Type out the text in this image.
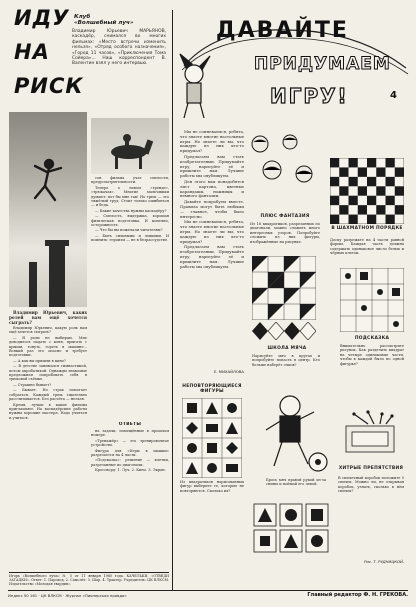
ИДУ
НА
РИСК
Клуб
«Волшебный луч»
Владимир Юрьевич МАРЬЯНОВ, каскадёр, снимался во многих фильмах: «Место встречи изменить нельзя», «Отряд особого назначения», «Город 11 часов», «Приключения Тома Сойера»... Наш корреспондент В. Валентин взял у него интервью.

Владимир Юрьевич, каких ролей вам ещё хочется сыграть?

Владимир Юрьевич, какую роль вам ещё хочется сыграть?

— Я роли не выбираю. Мне доводилось падать с коня, прыгать с крыши, тонуть, гореть в машине... Всякий раз это опасно и требует подготовки.

— А как вы пришли в кино?

— В детстве занимался гимнастикой, потом акробатикой. Однажды знакомые предложили попробовать себя в трюковой съёмке.

— Страшно бывает?

— Бывает. Но страх помогает собраться. Каждый трюк тщательно рассчитывается. Без расчёта — нельзя.

Кремя, лучше в какие фильмы приглашают. На каскадёрские работы нужны хорошие мастера. Надо учиться и учиться.

сон фильма учат смелости, предусмотрительности.

Теперь о новом «тренде», «трюкачах». Многие мальчишки думают: вот бы мне так! Но трюк — это тяжёлый труд. Стоит только ошибиться — и беда.

— Какие качества нужны каскадёру?

— Смелость, выдержка, хорошая физическая подготовка. И конечно, осторожность.

— Что бы вы пожелали читателям?

— Быть сильными и ловкими. И помнить: героизм — не в безрассудстве.

ОТВЕТЫ

на задачи, помещённые в прошлом номере.

«Тренажёр» — это тренировочное устройство.

Фигура для «Игры в шашки» разрезается на 4 части.

«Подсказка»: решение — клетки, разрезанные по диагонали.

Кроссворд: 1. Луч. 2. Кино. 3. Экран.

Игорь «Волшебного луча» № 5 от 11 января 1985 года. КАЧЕЛЬКИ. «ОТВЕДИ ЗАГАДКИ». Ответ: 1. Пароход. 2. Самолёт. 3. Шар. 4. Трактор. Учредитель: ЦК ВЛКСМ. Издательство «Молодая гвардия».
ДАВАЙТЕ
ПРИДУМАЕМ
ИГРУ!	4

Мы не сомневаемся, ребята, что знаете многие настольные игры. Но знаете ли вы, что каждую из них кто-то придумал?

Предлагаем вам стать изобретателями. Придумайте игру, нарисуйте её и пришлите нам. Лучшие работы мы опубликуем.

Для этого вам понадобятся лист картона, цветные карандаши, ножницы и немного фантазии.

Давайте попробуем вместе. Правила могут быть любыми — главное, чтобы было интересно.

Мы не сомневаемся, ребята, что знаете многие настольные игры. Но знаете ли вы, что каждую из них кто-то придумал?

Предлагаем вам стать изобретателями. Придумайте игру, нарисуйте её и пришлите нам. Лучшие работы мы опубликуем.

Е. МИХАЙЛОВА
ПЛЮС ФАНТАЗИЯ
Из 16 квадратиков, разрезанных по диагонали, можно сложить много интересных узоров. Попробуйте сложить из них фигуры, изображённые на рисунке.
В ШАХМАТНОМ ПОРЯДКЕ
Доску разрежьте на 4 части равной формы. Каждая часть должна содержать одинаковое число белых и чёрных клеток.
ШКОЛА МЯЧА
Нарисуйте мяч в кругах и попробуйте попасть в центр. Кто больше наберёт очков?
ПОДСКАЗКА
Внимательно рассмотрите рисунок. Как разделить квадрат на четыре одинаковые части, чтобы в каждой было по одной фигурке?
НЕПОВТОРЯЮЩИЕСЯ ФИГУРЫ
Из квадратиков нарисованных фигур выберите те, которые не повторяются. Сколько их?
Брось мяч правой рукой из-за спины и поймай его левой.
ХИТРЫЕ ПРЕПЯТСТВИЯ
В спичечный коробок положите 5 спичек. Можно ли, не открывая коробок, узнать, сколько в нём спичек?
Рис. Т. РУДНИЦКОЙ.
Индекс 50 161 · ЦК ВЛКСМ · Журнал «Пионерская правда»	Главный редактор Ф. Н. ГРЕКОВА.
